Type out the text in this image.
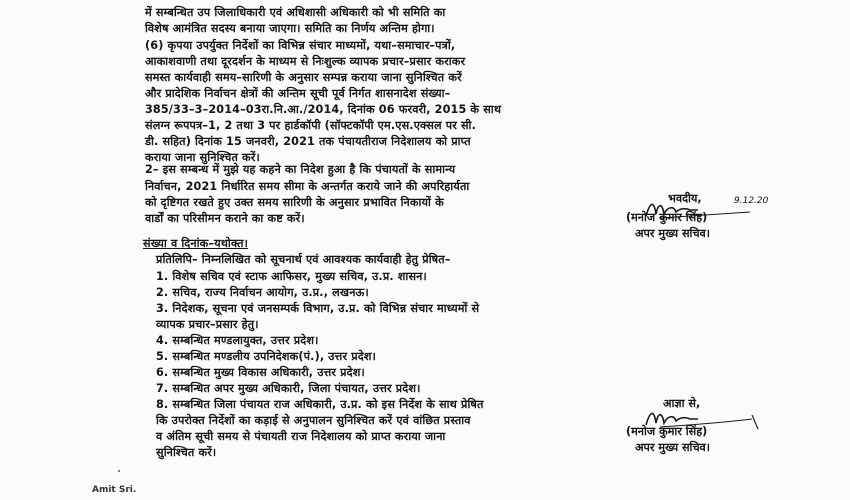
में सम्बन्धित उप जिलाधिकारी एवं अधिशासी अधिकारी को भी समिति का
विशेष आमंत्रित सदस्य बनाया जाएगा। समिति का निर्णय अन्तिम होगा।
(6) कृपया उपर्युक्त निर्देशों का विभिन्न संचार माध्यमों, यथा–समाचार–पत्रों,
आकाशवाणी तथा दूरदर्शन के माध्यम से निःशुल्क व्यापक प्रचार–प्रसार कराकर
समस्त कार्यवाही समय–सारिणी के अनुसार सम्पन्न कराया जाना सुनिश्चित करें
और प्रादेशिक निर्वाचन क्षेत्रों की अन्तिम सूची पूर्व निर्गत शासनादेश संख्या–
385/33–3–2014–03रा.नि.आ./2014, दिनांक 06 फरवरी, 2015 के साथ
संलग्न रूपपत्र–1, 2 तथा 3 पर हार्डकॉपी (सॉफ्टकॉपी एम.एस.एक्सल पर सी.
डी. सहित) दिनांक 15 जनवरी, 2021 तक पंचायतीराज निदेशालय को प्राप्त
कराया जाना सुनिश्चित करें।
2– इस सम्बन्ध में मुझे यह कहने का निदेश हुआ है कि पंचायतों के सामान्य
निर्वाचन, 2021 निर्धारित समय सीमा के अन्तर्गत कराये जाने की अपरिहार्यता
को दृष्टिगत रखते हुए उक्त समय सारिणी के अनुसार प्रभावित निकायों के
वार्डों का परिसीमन कराने का कष्ट करें।
भवदीय,	9.12.20
(मनोज कुमार सिंह)
अपर मुख्य सचिव।
संख्या व दिनांक–यथोक्त।
प्रतिलिपि– निम्नलिखित को सूचनार्थ एवं आवश्यक कार्यवाही हेतु प्रेषित–
1. विशेष सचिव एवं स्टाफ आफिसर, मुख्य सचिव, उ.प्र. शासन।
2. सचिव, राज्य निर्वाचन आयोग, उ.प्र., लखनऊ।
3. निदेशक, सूचना एवं जनसम्पर्क विभाग, उ.प्र. को विभिन्न संचार माध्यमों से
व्यापक प्रचार–प्रसार हेतु।
4. सम्बन्धित मण्डलायुक्त, उत्तर प्रदेश।
5. सम्बन्धित मण्डलीय उपनिदेशक(पं.), उत्तर प्रदेश।
6. सम्बन्धित मुख्य विकास अधिकारी, उत्तर प्रदेश।
7. सम्बन्धित अपर मुख्य अधिकारी, जिला पंचायत, उत्तर प्रदेश।
8. सम्बन्धित जिला पंचायत राज अधिकारी, उ.प्र. को इस निर्देश के साथ प्रेषित
कि उपरोक्त निर्देशों का कड़ाई से अनुपालन सुनिश्चित करें एवं वांछित प्रस्ताव
व अंतिम सूची समय से पंचायती राज निदेशालय को प्राप्त कराया जाना
सुनिश्चित करें।
आज्ञा से,
(मनोज कुमार सिंह)
अपर मुख्य सचिव।
Amit Sri.
